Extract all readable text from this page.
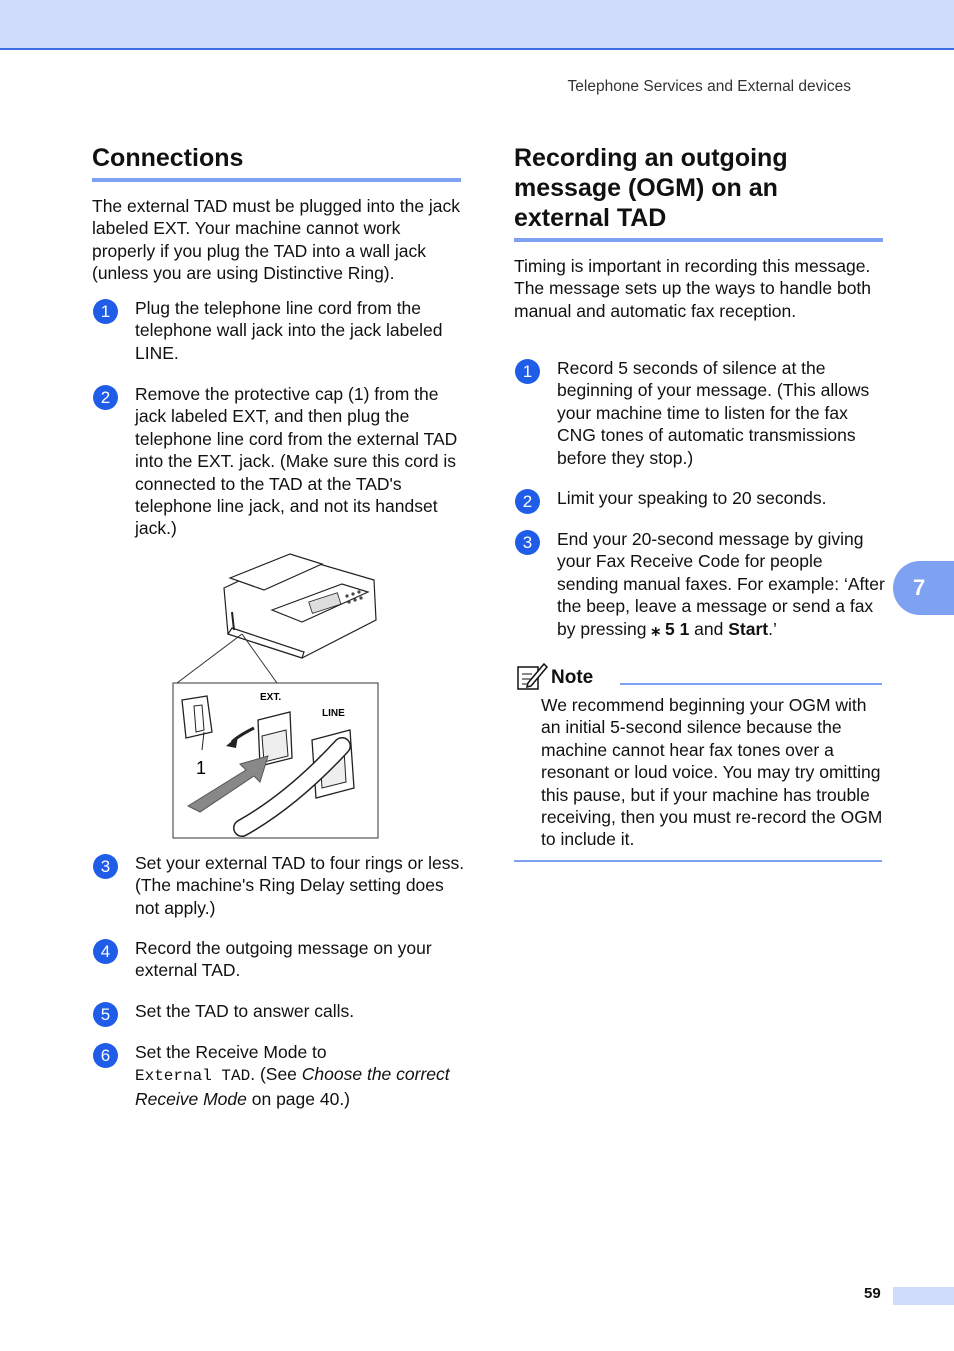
Telephone Services and External devices
Connections

The external TAD must be plugged into the jack labeled EXT. Your machine cannot work properly if you plug the TAD into a wall jack (unless you are using Distinctive Ring).

1	Plug the telephone line cord from the telephone wall jack into the jack labeled LINE.
2	Remove the protective cap (1) from the jack labeled EXT, and then plug the telephone line cord from the external TAD into the EXT. jack. (Make sure this cord is connected to the TAD at the TAD's telephone line jack, and not its handset jack.)
EXT.
LINE
1
3	Set your external TAD to four rings or less. (The machine's Ring Delay setting does not apply.)
4	Record the outgoing message on your external TAD.
5	Set the TAD to answer calls.
6	Set the Receive Mode to
External TAD. (See Choose the correct Receive Mode on page 40.)
Recording an outgoing message (OGM) on an external TAD

Timing is important in recording this message. The message sets up the ways to handle both manual and automatic fax reception.

1	Record 5 seconds of silence at the beginning of your message. (This allows your machine time to listen for the fax CNG tones of automatic transmissions before they stop.)
2	Limit your speaking to 20 seconds.
3	End your 20-second message by giving your Fax Receive Code for people sending manual faxes. For example: ‘After the beep, leave a message or send a fax by pressing ⁎ 5 1 and Start.’
Note

We recommend beginning your OGM with an initial 5-second silence because the machine cannot hear fax tones over a resonant or loud voice. You may try omitting this pause, but if your machine has trouble receiving, then you must re-record the OGM to include it.

7
59
